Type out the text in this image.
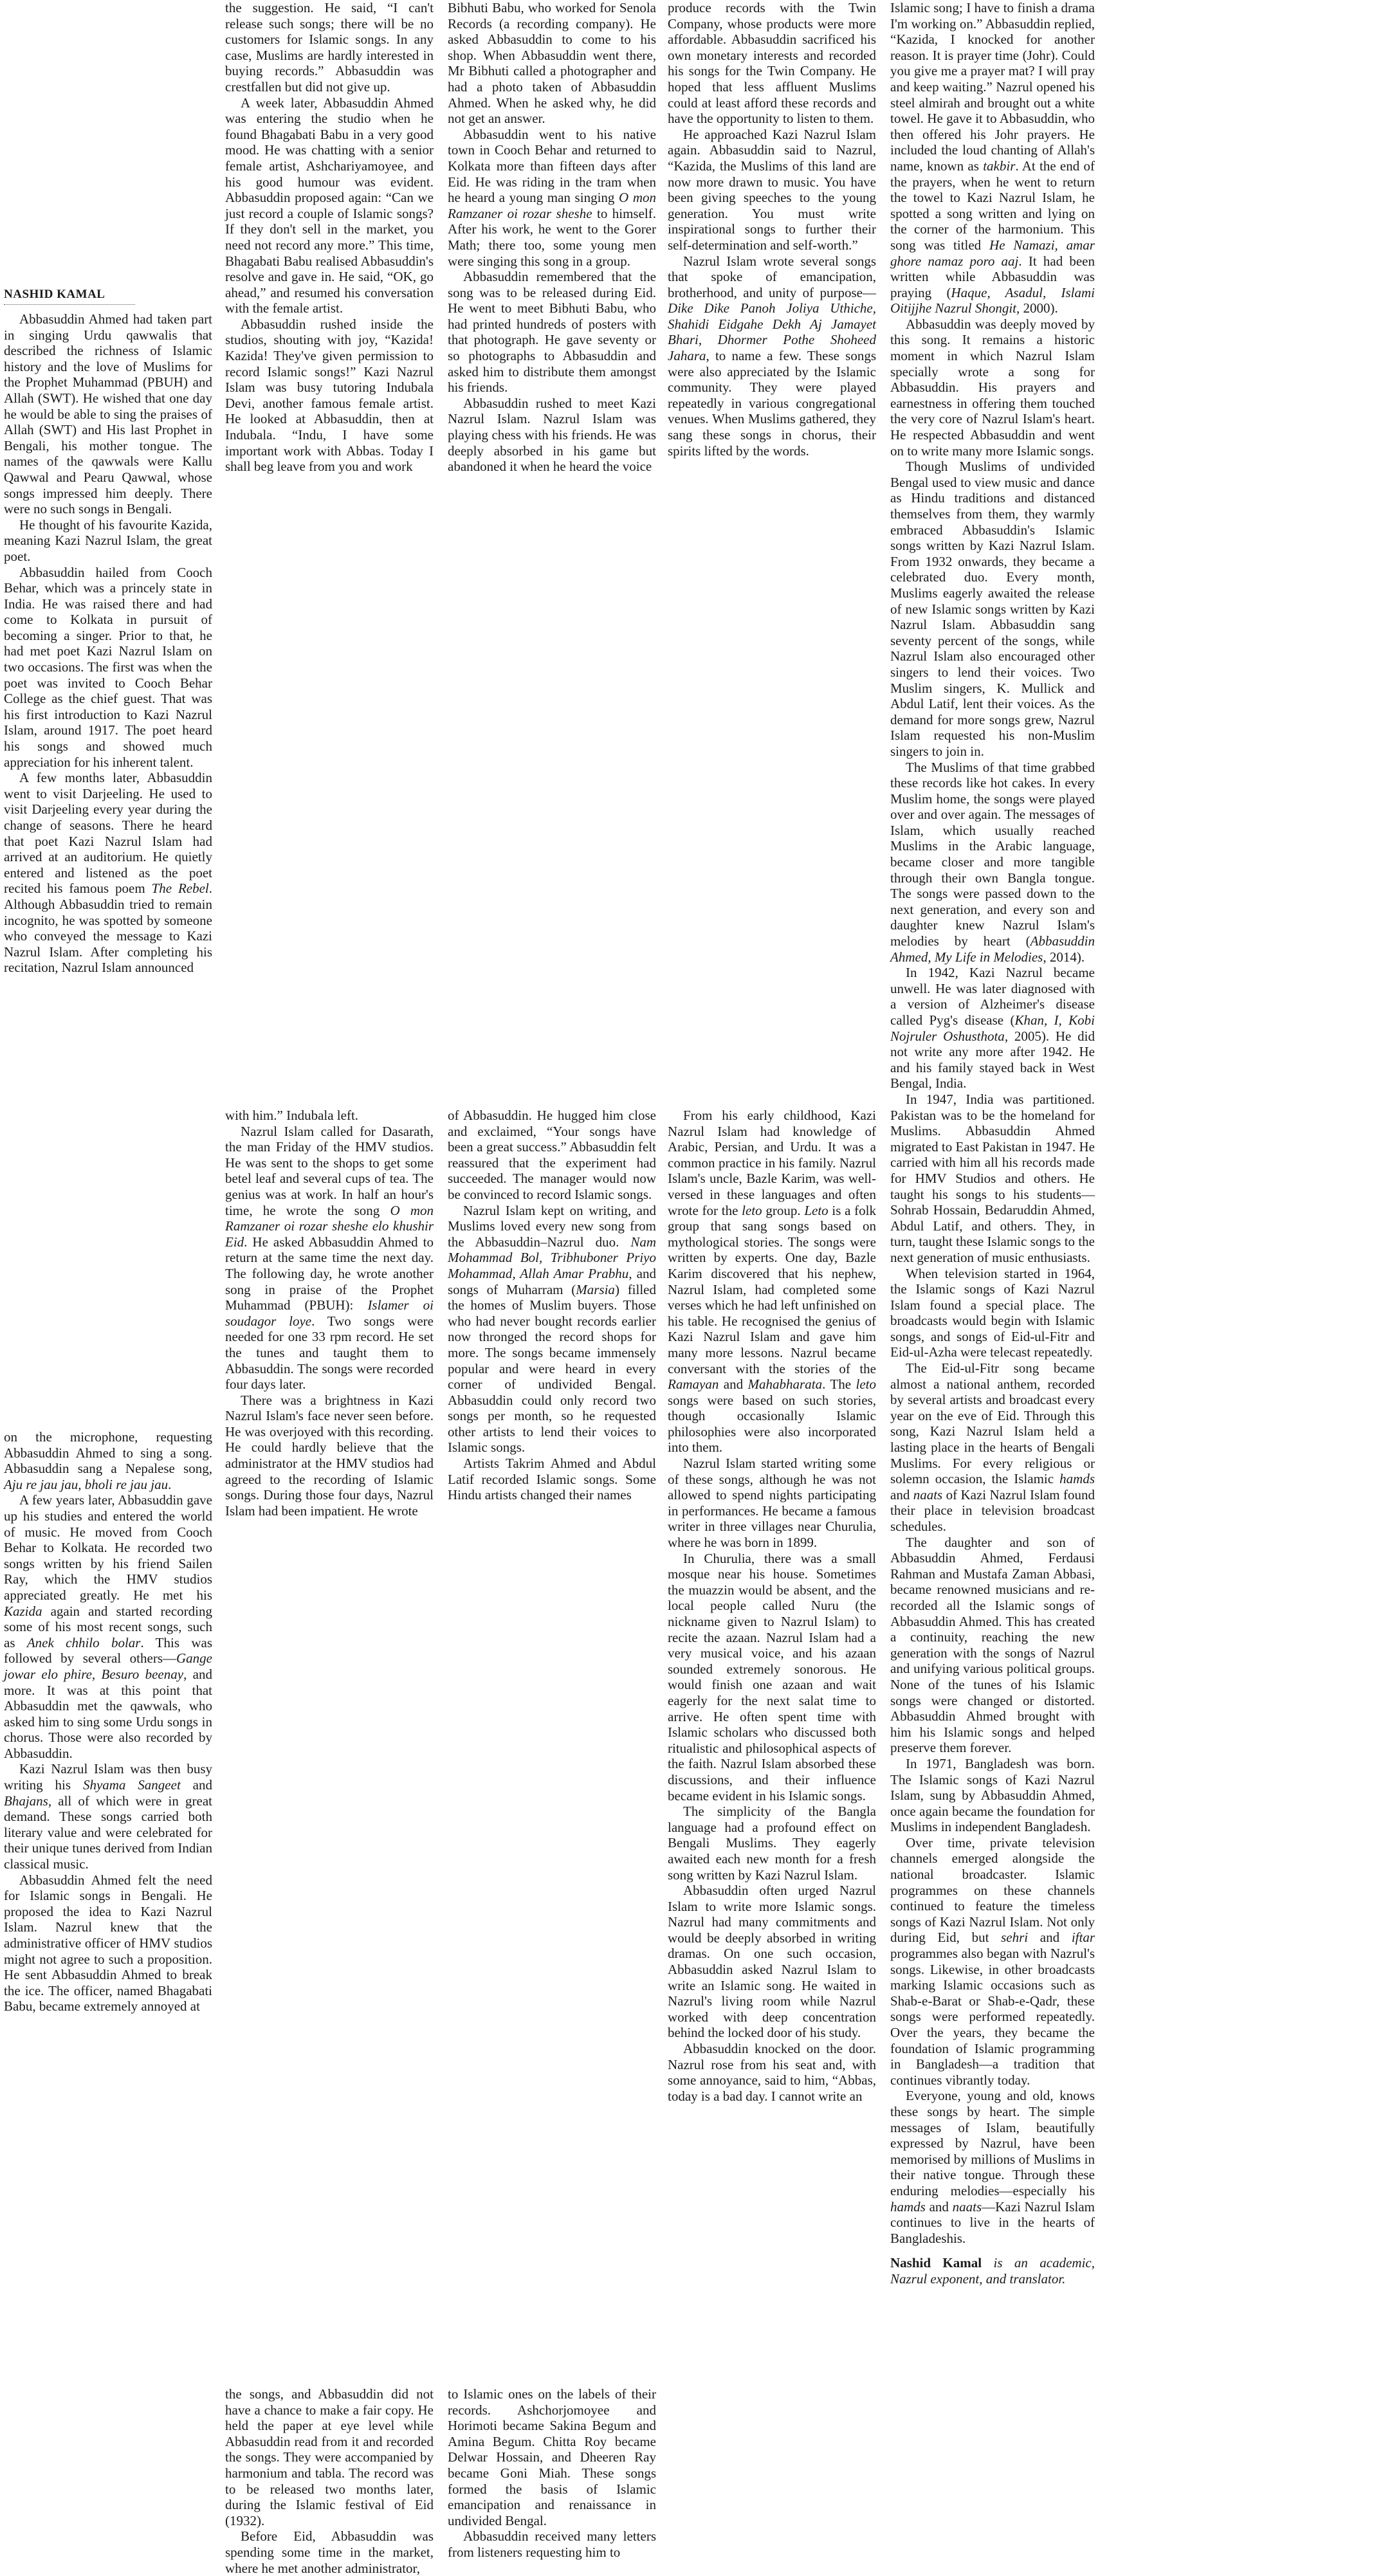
NASHID KAMAL

Abbasuddin Ahmed had taken part in singing Urdu qawwalis that described the richness of Islamic history and the love of Muslims for the Prophet Muhammad (PBUH) and Allah (SWT). He wished that one day he would be able to sing the praises of Allah (SWT) and His last Prophet in Bengali, his mother tongue. The names of the qawwals were Kallu Qawwal and Pearu Qawwal, whose songs impressed him deeply. There were no such songs in Bengali.

He thought of his favourite Kazida, meaning Kazi Nazrul Islam, the great poet.

Abbasuddin hailed from Cooch Behar, which was a princely state in India. He was raised there and had come to Kolkata in pursuit of becoming a singer. Prior to that, he had met poet Kazi Nazrul Islam on two occasions. The first was when the poet was invited to Cooch Behar College as the chief guest. That was his first introduction to Kazi Nazrul Islam, around 1917. The poet heard his songs and showed much appreciation for his inherent talent.

A few months later, Abbasuddin went to visit Darjeeling. He used to visit Darjeeling every year during the change of seasons. There he heard that poet Kazi Nazrul Islam had arrived at an auditorium. He quietly entered and listened as the poet recited his famous poem The Rebel. Although Abbasuddin tried to remain incognito, he was spotted by someone who conveyed the message to Kazi Nazrul Islam. After completing his recitation, Nazrul Islam announced

on the microphone, requesting Abbasuddin Ahmed to sing a song. Abbasuddin sang a Nepalese song, Aju re jau jau, bholi re jau jau.

A few years later, Abbasuddin gave up his studies and entered the world of music. He moved from Cooch Behar to Kolkata. He recorded two songs written by his friend Sailen Ray, which the HMV studios appreciated greatly. He met his Kazida again and started recording some of his most recent songs, such as Anek chhilo bolar. This was followed by several others—Gange jowar elo phire, Besuro beenay, and more. It was at this point that Abbasuddin met the qawwals, who asked him to sing some Urdu songs in chorus. Those were also recorded by Abbasuddin.

Kazi Nazrul Islam was then busy writing his Shyama Sangeet and Bhajans, all of which were in great demand. These songs carried both literary value and were celebrated for their unique tunes derived from Indian classical music.

Abbasuddin Ahmed felt the need for Islamic songs in Bengali. He proposed the idea to Kazi Nazrul Islam. Nazrul knew that the administrative officer of HMV studios might not agree to such a proposition. He sent Abbasuddin Ahmed to break the ice. The officer, named Bhagabati Babu, became extremely annoyed at

the suggestion. He said, “I can't release such songs; there will be no customers for Islamic songs. In any case, Muslims are hardly interested in buying records.” Abbasuddin was crestfallen but did not give up.

A week later, Abbasuddin Ahmed was entering the studio when he found Bhagabati Babu in a very good mood. He was chatting with a senior female artist, Ashchariyamoyee, and his good humour was evident. Abbasuddin proposed again: “Can we just record a couple of Islamic songs? If they don't sell in the market, you need not record any more.” This time, Bhagabati Babu realised Abbasuddin's resolve and gave in. He said, “OK, go ahead,” and resumed his conversation with the female artist.

Abbasuddin rushed inside the studios, shouting with joy, “Kazida! Kazida! They've given permission to record Islamic songs!” Kazi Nazrul Islam was busy tutoring Indubala Devi, another famous female artist. He looked at Abbasuddin, then at Indubala. “Indu, I have some important work with Abbas. Today I shall beg leave from you and work

with him.” Indubala left.

Nazrul Islam called for Dasarath, the man Friday of the HMV studios. He was sent to the shops to get some betel leaf and several cups of tea. The genius was at work. In half an hour's time, he wrote the song O mon Ramzaner oi rozar sheshe elo khushir Eid. He asked Abbasuddin Ahmed to return at the same time the next day. The following day, he wrote another song in praise of the Prophet Muhammad (PBUH): Islamer oi soudagor loye. Two songs were needed for one 33 rpm record. He set the tunes and taught them to Abbasuddin. The songs were recorded four days later.

There was a brightness in Kazi Nazrul Islam's face never seen before. He was overjoyed with this recording. He could hardly believe that the administrator at the HMV studios had agreed to the recording of Islamic songs. During those four days, Nazrul Islam had been impatient. He wrote

the songs, and Abbasuddin did not have a chance to make a fair copy. He held the paper at eye level while Abbasuddin read from it and recorded the songs. They were accompanied by harmonium and tabla. The record was to be released two months later, during the Islamic festival of Eid (1932).

Before Eid, Abbasuddin was spending some time in the market, where he met another administrator,

Bibhuti Babu, who worked for Senola Records (a recording company). He asked Abbasuddin to come to his shop. When Abbasuddin went there, Mr Bibhuti called a photographer and had a photo taken of Abbasuddin Ahmed. When he asked why, he did not get an answer.

Abbasuddin went to his native town in Cooch Behar and returned to Kolkata more than fifteen days after Eid. He was riding in the tram when he heard a young man singing O mon Ramzaner oi rozar sheshe to himself. After his work, he went to the Gorer Math; there too, some young men were singing this song in a group.

Abbasuddin remembered that the song was to be released during Eid. He went to meet Bibhuti Babu, who had printed hundreds of posters with that photograph. He gave seventy or so photographs to Abbasuddin and asked him to distribute them amongst his friends.

Abbasuddin rushed to meet Kazi Nazrul Islam. Nazrul Islam was playing chess with his friends. He was deeply absorbed in his game but abandoned it when he heard the voice

of Abbasuddin. He hugged him close and exclaimed, “Your songs have been a great success.” Abbasuddin felt reassured that the experiment had succeeded. The manager would now be convinced to record Islamic songs.

Nazrul Islam kept on writing, and Muslims loved every new song from the Abbasuddin–Nazrul duo. Nam Mohammad Bol, Tribhuboner Priyo Mohammad, Allah Amar Prabhu, and songs of Muharram (Marsia) filled the homes of Muslim buyers. Those who had never bought records earlier now thronged the record shops for more. The songs became immensely popular and were heard in every corner of undivided Bengal. Abbasuddin could only record two songs per month, so he requested other artists to lend their voices to Islamic songs.

Artists Takrim Ahmed and Abdul Latif recorded Islamic songs. Some Hindu artists changed their names

to Islamic ones on the labels of their records. Ashchorjomoyee and Horimoti became Sakina Begum and Amina Begum. Chitta Roy became Delwar Hossain, and Dheeren Ray became Goni Miah. These songs formed the basis of Islamic emancipation and renaissance in undivided Bengal.

Abbasuddin received many letters from listeners requesting him to

produce records with the Twin Company, whose products were more affordable. Abbasuddin sacrificed his own monetary interests and recorded his songs for the Twin Company. He hoped that less affluent Muslims could at least afford these records and have the opportunity to listen to them.

He approached Kazi Nazrul Islam again. Abbasuddin said to Nazrul, “Kazida, the Muslims of this land are now more drawn to music. You have been giving speeches to the young generation. You must write inspirational songs to further their self-determination and self-worth.”

Nazrul Islam wrote several songs that spoke of emancipation, brotherhood, and unity of purpose—Dike Dike Panoh Joliya Uthiche, Shahidi Eidgahe Dekh Aj Jamayet Bhari, Dhormer Pothe Shoheed Jahara, to name a few. These songs were also appreciated by the Islamic community. They were played repeatedly in various congregational venues. When Muslims gathered, they sang these songs in chorus, their spirits lifted by the words.

From his early childhood, Kazi Nazrul Islam had knowledge of Arabic, Persian, and Urdu. It was a common practice in his family. Nazrul Islam's uncle, Bazle Karim, was well-versed in these languages and often wrote for the leto group. Leto is a folk group that sang songs based on mythological stories. The songs were written by experts. One day, Bazle Karim discovered that his nephew, Nazrul Islam, had completed some verses which he had left unfinished on his table. He recognised the genius of Kazi Nazrul Islam and gave him many more lessons. Nazrul became conversant with the stories of the Ramayan and Mahabharata. The leto songs were based on such stories, though occasionally Islamic philosophies were also incorporated into them.

Nazrul Islam started writing some of these songs, although he was not allowed to spend nights participating in performances. He became a famous writer in three villages near Churulia, where he was born in 1899.

In Churulia, there was a small mosque near his house. Sometimes the muazzin would be absent, and the local people called Nuru (the nickname given to Nazrul Islam) to recite the azaan. Nazrul Islam had a very musical voice, and his azaan sounded extremely sonorous. He would finish one azaan and wait eagerly for the next salat time to arrive. He often spent time with Islamic scholars who discussed both ritualistic and philosophical aspects of the faith. Nazrul Islam absorbed these discussions, and their influence became evident in his Islamic songs.

The simplicity of the Bangla language had a profound effect on Bengali Muslims. They eagerly awaited each new month for a fresh song written by Kazi Nazrul Islam.

Abbasuddin often urged Nazrul Islam to write more Islamic songs. Nazrul had many commitments and would be deeply absorbed in writing dramas. On one such occasion, Abbasuddin asked Nazrul Islam to write an Islamic song. He waited in Nazrul's living room while Nazrul worked with deep concentration behind the locked door of his study.

Abbasuddin knocked on the door. Nazrul rose from his seat and, with some annoyance, said to him, “Abbas, today is a bad day. I cannot write an

Islamic song; I have to finish a drama I'm working on.” Abbasuddin replied, “Kazida, I knocked for another reason. It is prayer time (Johr). Could you give me a prayer mat? I will pray and keep waiting.” Nazrul opened his steel almirah and brought out a white towel. He gave it to Abbasuddin, who then offered his Johr prayers. He included the loud chanting of Allah's name, known as takbir. At the end of the prayers, when he went to return the towel to Kazi Nazrul Islam, he spotted a song written and lying on the corner of the harmonium. This song was titled He Namazi, amar ghore namaz poro aaj. It had been written while Abbasuddin was praying (Haque, Asadul, Islami Oitijjhe Nazrul Shongit, 2000).

Abbasuddin was deeply moved by this song. It remains a historic moment in which Nazrul Islam specially wrote a song for Abbasuddin. His prayers and earnestness in offering them touched the very core of Nazrul Islam's heart. He respected Abbasuddin and went on to write many more Islamic songs.

Though Muslims of undivided Bengal used to view music and dance as Hindu traditions and distanced themselves from them, they warmly embraced Abbasuddin's Islamic songs written by Kazi Nazrul Islam. From 1932 onwards, they became a celebrated duo. Every month, Muslims eagerly awaited the release of new Islamic songs written by Kazi Nazrul Islam. Abbasuddin sang seventy percent of the songs, while Nazrul Islam also encouraged other singers to lend their voices. Two Muslim singers, K. Mullick and Abdul Latif, lent their voices. As the demand for more songs grew, Nazrul Islam requested his non-Muslim singers to join in.

The Muslims of that time grabbed these records like hot cakes. In every Muslim home, the songs were played over and over again. The messages of Islam, which usually reached Muslims in the Arabic language, became closer and more tangible through their own Bangla tongue. The songs were passed down to the next generation, and every son and daughter knew Nazrul Islam's melodies by heart (Abbasuddin Ahmed, My Life in Melodies, 2014).

In 1942, Kazi Nazrul became unwell. He was later diagnosed with a version of Alzheimer's disease called Pyg's disease (Khan, I, Kobi Nojruler Oshusthota, 2005). He did not write any more after 1942. He and his family stayed back in West Bengal, India.

In 1947, India was partitioned. Pakistan was to be the homeland for Muslims. Abbasuddin Ahmed migrated to East Pakistan in 1947. He carried with him all his records made for HMV Studios and others. He taught his songs to his students—Sohrab Hossain, Bedaruddin Ahmed, Abdul Latif, and others. They, in turn, taught these Islamic songs to the next generation of music enthusiasts.

When television started in 1964, the Islamic songs of Kazi Nazrul Islam found a special place. The broadcasts would begin with Islamic songs, and songs of Eid-ul-Fitr and Eid-ul-Azha were telecast repeatedly.

The Eid-ul-Fitr song became almost a national anthem, recorded by several artists and broadcast every year on the eve of Eid. Through this song, Kazi Nazrul Islam held a lasting place in the hearts of Bengali Muslims. For every religious or solemn occasion, the Islamic hamds and naats of Kazi Nazrul Islam found their place in television broadcast schedules.

The daughter and son of Abbasuddin Ahmed, Ferdausi Rahman and Mustafa Zaman Abbasi, became renowned musicians and re-recorded all the Islamic songs of Abbasuddin Ahmed. This has created a continuity, reaching the new generation with the songs of Nazrul and unifying various political groups. None of the tunes of his Islamic songs were changed or distorted. Abbasuddin Ahmed brought with him his Islamic songs and helped preserve them forever.

In 1971, Bangladesh was born. The Islamic songs of Kazi Nazrul Islam, sung by Abbasuddin Ahmed, once again became the foundation for Muslims in independent Bangladesh.

Over time, private television channels emerged alongside the national broadcaster. Islamic programmes on these channels continued to feature the timeless songs of Kazi Nazrul Islam. Not only during Eid, but sehri and iftar programmes also began with Nazrul's songs. Likewise, in other broadcasts marking Islamic occasions such as Shab-e-Barat or Shab-e-Qadr, these songs were performed repeatedly. Over the years, they became the foundation of Islamic programming in Bangladesh—a tradition that continues vibrantly today.

Everyone, young and old, knows these songs by heart. The simple messages of Islam, beautifully expressed by Nazrul, have been memorised by millions of Muslims in their native tongue. Through these enduring melodies—especially his hamds and naats—Kazi Nazrul Islam continues to live in the hearts of Bangladeshis.

Nashid Kamal is an academic, Nazrul exponent, and translator.
